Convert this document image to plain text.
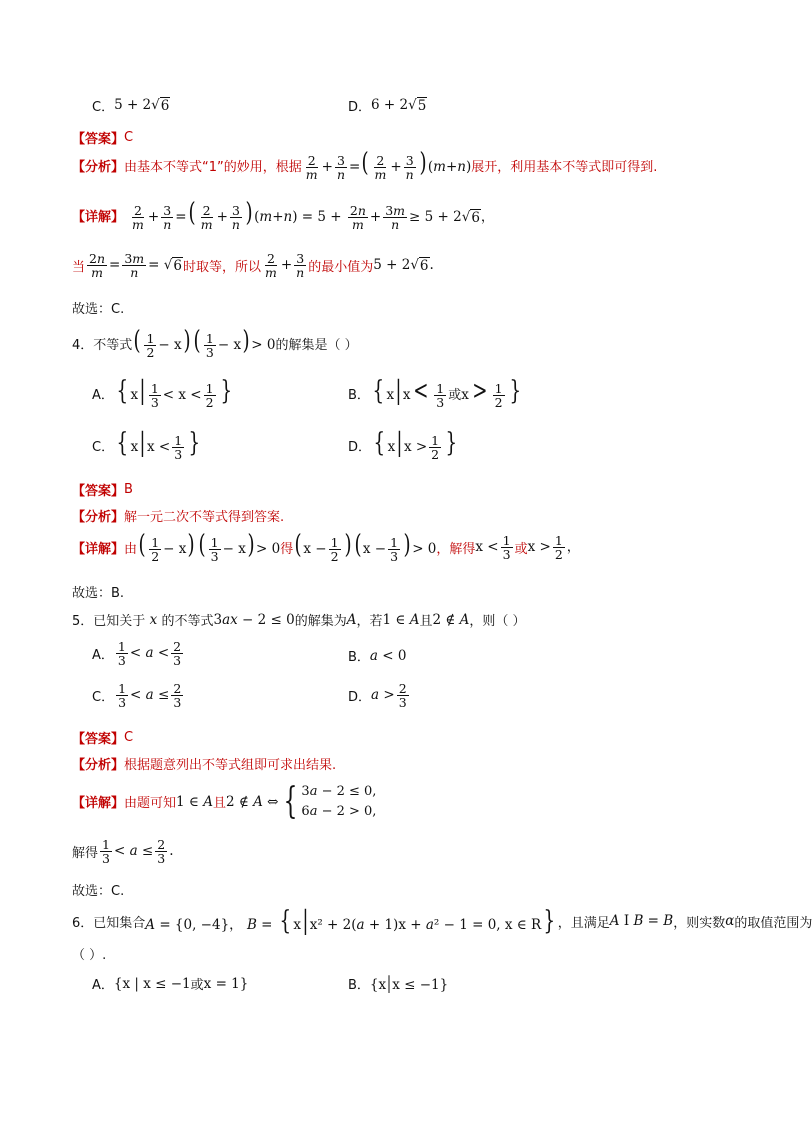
C． 5 + 2 √ 6	D． 6 + 2 √ 5
【答案】 C
【分析】 由基本不等式“1”的妙用，根据 $\frac{2}{m} + \frac{3}{n}$ =( $\frac{2}{m} + \frac{3}{n}$ ) (m+n) 展开，利用基本不等式即可得到.
【详解】 $\frac{2}{m} + \frac{3}{n}$ =( $\frac{2}{m} + \frac{3}{n}$ ) $(m+n) = 5 + \frac{2n}{m} + \frac{3m}{n} \ge 5 + 2$ √ 6 ，
当 $\frac{2n}{m} = \frac{3m}{n}$ = √ 6 时取等，所以 $\frac{2}{m} + \frac{3}{n}$ 的最小值为 5 + 2 √ 6 .
故选：C.
4．不等式 ( $\frac{1}{2} - x$) ( $\frac{1}{3} - x) > 0$ 的解集是（ ）
A． { $x| \frac{1}{3} < x < \frac{1}{2}$ }	B． { $x|x < \frac{1}{3}$ 或$x > \frac{1}{2}$ }
C． { $x|x < \frac{1}{3}$ }	D． { $x|x > \frac{1}{2}$ }
【答案】 B
【分析】 解一元二次不等式得到答案.
【详解】 由 ( $\frac{1}{2} - x$) ( $\frac{1}{3} - x) > 0$ 得 ( $x - \frac{1}{2}$ ) ( $x - \frac{1}{3}$ ) > 0 ，解得 $x < \frac{1}{3}$ 或 $x > \frac{1}{2}$ ，
故选：B.
5．已知关于 x 的不等式 3ax − 2 ≤ 0 的解集为 A ，若 1 ∈ A 且 2 ∉ A ，则（ ）
A． $\frac{1}{3} < a < \frac{2}{3}$	B． a < 0
C． $\frac{1}{3} < a \le \frac{2}{3}$	D． $a > \frac{2}{3}$
【答案】 C
【分析】 根据题意列出不等式组即可求出结果.
【详解】 由题可知 1 ∈ A 且 2 ∉ A ⇔ { 3a − 2 ≤ 0,
6a − 2 > 0,
解得 $\frac{1}{3} < a \le \frac{2}{3}$ .
故选：C.
6．已知集合 A = {0, −4}， B = { x|x² + 2(a + 1)x + a² − 1 = 0, x ∈ R} ，且满足 A I B = B ，则实数 α 的取值范围为
（ ）.
A． {x | x ≤ −1 或 x = 1}	B． {x|x ≤ −1}
